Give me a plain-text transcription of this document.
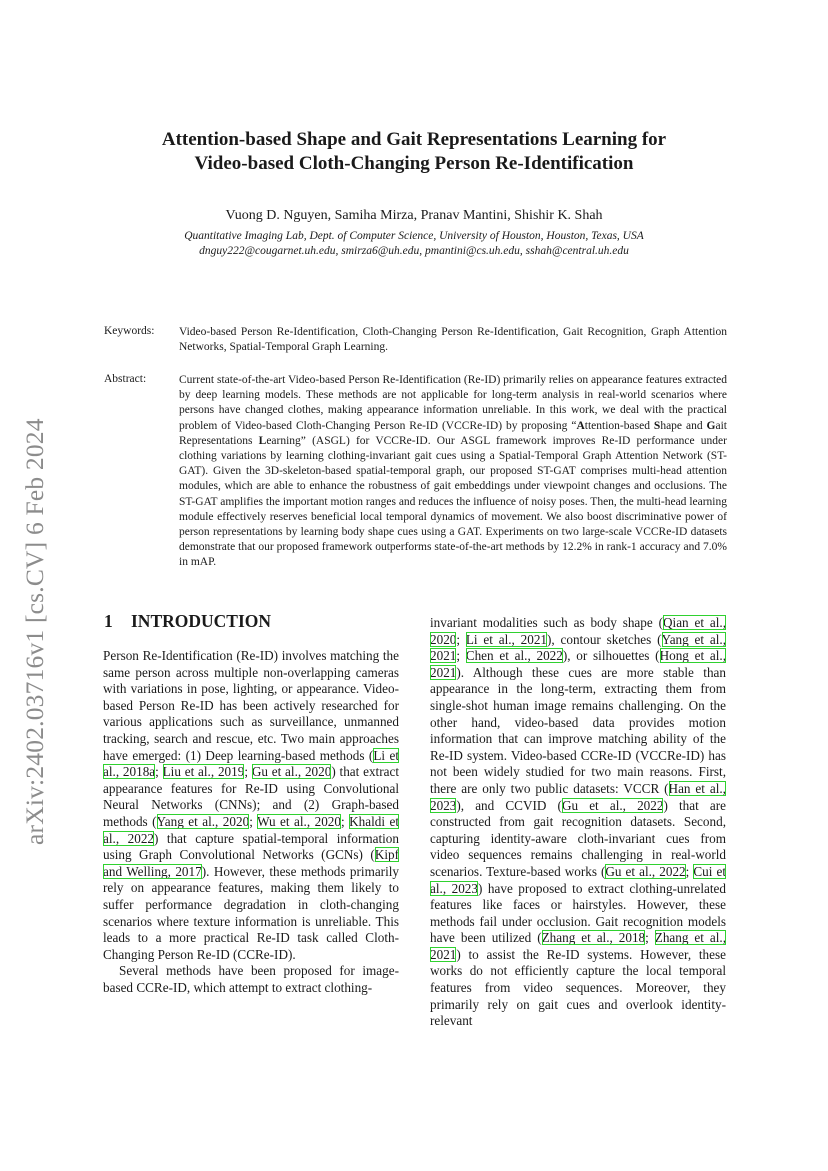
arXiv:2402.03716v1 [cs.CV] 6 Feb 2024

Attention-based Shape and Gait Representations Learning for

Video-based Cloth-Changing Person Re-Identification

Vuong D. Nguyen, Samiha Mirza, Pranav Mantini, Shishir K. Shah
Quantitative Imaging Lab, Dept. of Computer Science, University of Houston, Houston, Texas, USA
dnguy222@cougarnet.uh.edu, smirza6@uh.edu, pmantini@cs.uh.edu, sshah@central.uh.edu
Keywords: Video-based Person Re-Identification, Cloth-Changing Person Re-Identification, Gait Recognition, Graph Attention Networks, Spatial-Temporal Graph Learning.
Abstract:	Current state-of-the-art Video-based Person Re-Identification (Re-ID) primarily relies on appearance features extracted by deep learning models. These methods are not applicable for long-term analysis in real-world scenarios where persons have changed clothes, making appearance information unreliable. In this work, we deal with the practical problem of Video-based Cloth-Changing Person Re-ID (VCCRe-ID) by proposing “Attention-based Shape and Gait Representations Learning” (ASGL) for VCCRe-ID. Our ASGL framework improves Re-ID performance under clothing variations by learning clothing-invariant gait cues using a Spatial-Temporal Graph Attention Network (ST-GAT). Given the 3D-skeleton-based spatial-temporal graph, our proposed ST-GAT comprises multi-head attention modules, which are able to enhance the robustness of gait embeddings under viewpoint changes and occlusions. The ST-GAT amplifies the important motion ranges and reduces the influence of noisy poses. Then, the multi-head learning module effectively reserves beneficial local temporal dynamics of movement. We also boost discriminative power of person representations by learning body shape cues using a GAT. Experiments on two large-scale VCCRe-ID datasets demonstrate that our proposed framework outperforms state-of-the-art methods by 12.2% in rank-1 accuracy and 7.0% in mAP.
1 INTRODUCTION

Person Re-Identification (Re-ID) involves matching the same person across multiple non-overlapping cameras with variations in pose, lighting, or appearance. Video-based Person Re-ID has been actively researched for various applications such as surveillance, unmanned tracking, search and rescue, etc. Two main approaches have emerged: (1) Deep learning-based methods (Li et al., 2018a; Liu et al., 2019; Gu et al., 2020) that extract appearance features for Re-ID using Convolutional Neural Networks (CNNs); and (2) Graph-based methods (Yang et al., 2020; Wu et al., 2020; Khaldi et al., 2022) that capture spatial-temporal information using Graph Convolutional Networks (GCNs) (Kipf and Welling, 2017). However, these methods primarily rely on appearance features, making them likely to suffer performance degradation in cloth-changing scenarios where texture information is unreliable. This leads to a more practical Re-ID task called Cloth-Changing Person Re-ID (CCRe-ID).

Several methods have been proposed for image-based CCRe-ID, which attempt to extract clothing-

invariant modalities such as body shape (Qian et al., 2020; Li et al., 2021), contour sketches (Yang et al., 2021; Chen et al., 2022), or silhouettes (Hong et al., 2021). Although these cues are more stable than appearance in the long-term, extracting them from single-shot human image remains challenging. On the other hand, video-based data provides motion information that can improve matching ability of the Re-ID system. Video-based CCRe-ID (VCCRe-ID) has not been widely studied for two main reasons. First, there are only two public datasets: VCCR (Han et al., 2023), and CCVID (Gu et al., 2022) that are constructed from gait recognition datasets. Second, capturing identity-aware cloth-invariant cues from video sequences remains challenging in real-world scenarios. Texture-based works (Gu et al., 2022; Cui et al., 2023) have proposed to extract clothing-unrelated features like faces or hairstyles. However, these methods fail under occlusion. Gait recognition models have been utilized (Zhang et al., 2018; Zhang et al., 2021) to assist the Re-ID systems. However, these works do not efficiently capture the local temporal features from video sequences. Moreover, they primarily rely on gait cues and overlook identity-relevant
